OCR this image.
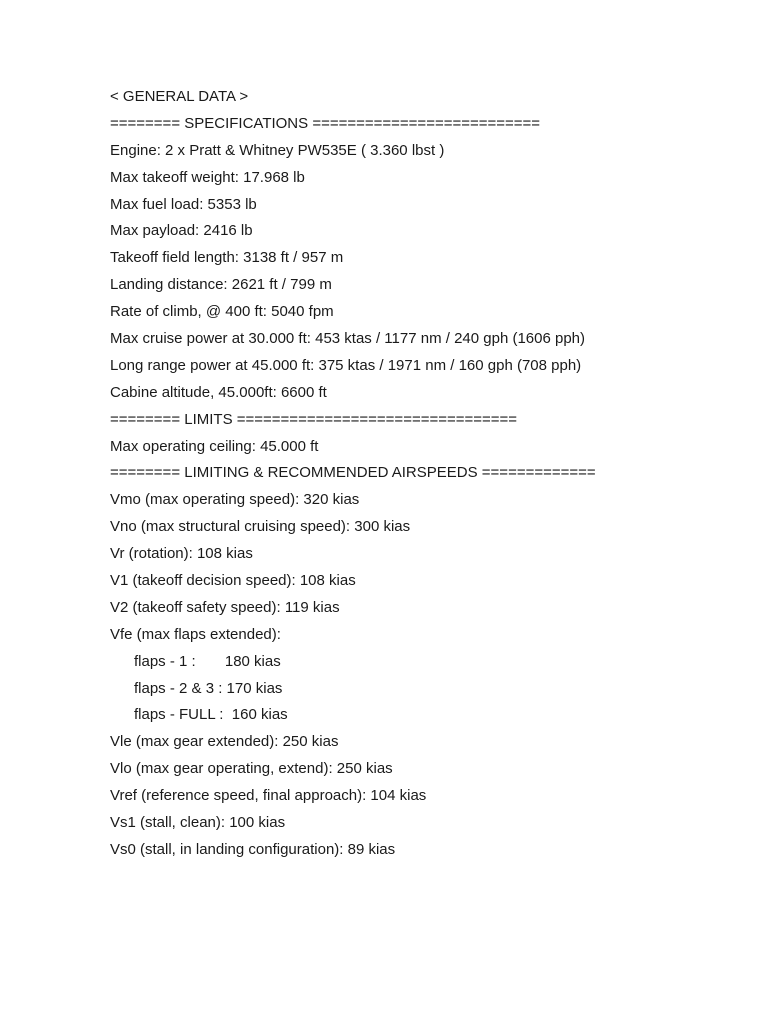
< GENERAL DATA >
======== SPECIFICATIONS ==========================
Engine: 2 x Pratt & Whitney PW535E ( 3.360 lbst )
Max takeoff weight: 17.968 lb
Max fuel load: 5353 lb
Max payload: 2416 lb
Takeoff field length: 3138 ft / 957 m
Landing distance: 2621 ft / 799 m
Rate of climb, @ 400 ft: 5040 fpm
Max cruise power at 30.000 ft: 453 ktas / 1177 nm / 240 gph (1606 pph)
Long range power at 45.000 ft: 375 ktas / 1971 nm / 160 gph (708 pph)
Cabine altitude, 45.000ft: 6600 ft
======== LIMITS ================================
Max operating ceiling: 45.000 ft
======== LIMITING & RECOMMENDED AIRSPEEDS =============
Vmo (max operating speed): 320 kias
Vno (max structural cruising speed): 300 kias
Vr (rotation): 108 kias
V1 (takeoff decision speed): 108 kias
V2 (takeoff safety speed): 119 kias
Vfe (max flaps extended):
flaps - 1 :       180 kias
flaps - 2 & 3 : 170 kias
flaps - FULL :  160 kias
Vle (max gear extended): 250 kias
Vlo (max gear operating, extend): 250 kias
Vref (reference speed, final approach): 104 kias
Vs1 (stall, clean): 100 kias
Vs0 (stall, in landing configuration): 89 kias
